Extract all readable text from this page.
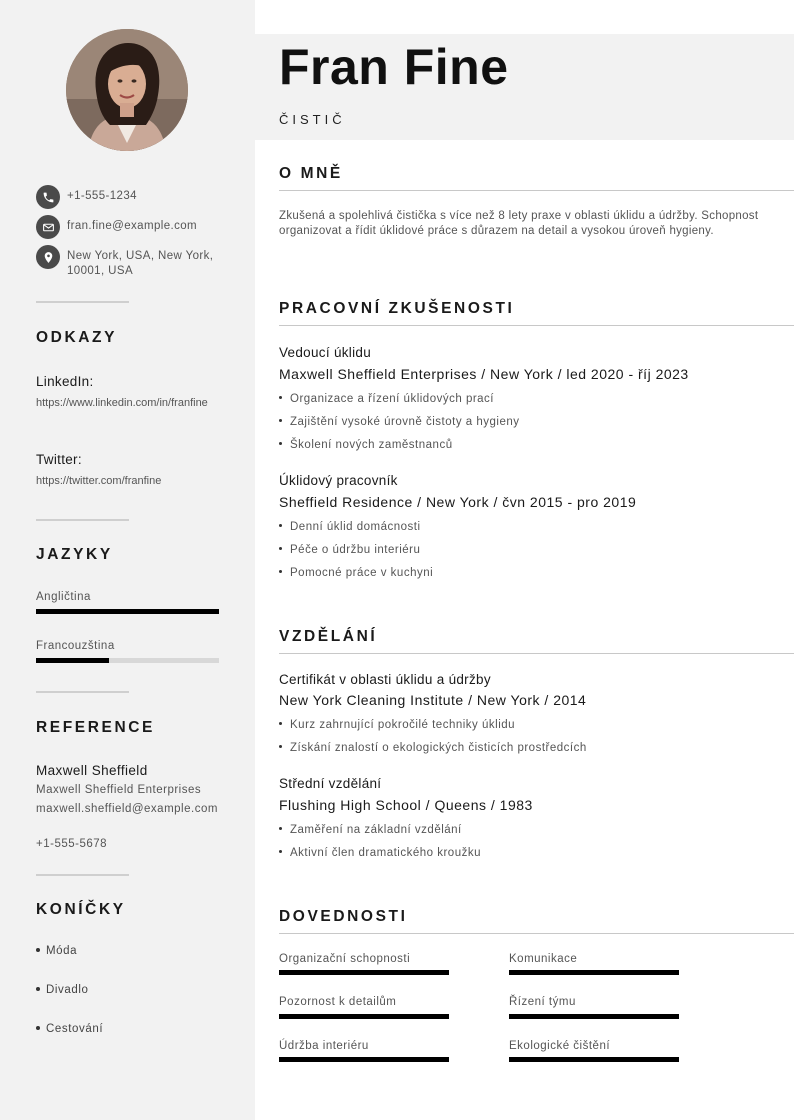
+1-555-1234
fran.fine@example.com
New York, USA, New York, 10001, USA
ODKAZY
LinkedIn:
https://www.linkedin.com/in/franfine
Twitter:
https://twitter.com/franfine
JAZYKY
Angličtina
Francouzština
REFERENCE
Maxwell Sheffield
Maxwell Sheffield Enterprises
maxwell.sheffield@example.com
+1-555-5678
KONÍČKY
Móda
Divadlo
Cestování
Fran Fine
ČISTIČ
O MNĚ
Zkušená a spolehlivá čistička s více než 8 lety praxe v oblasti úklidu a údržby. Schopnost organizovat a řídit úklidové práce s důrazem na detail a vysokou úroveň hygieny.
PRACOVNÍ ZKUŠENOSTI
Vedoucí úklidu
Maxwell Sheffield Enterprises / New York / led 2020 - říj 2023
Organizace a řízení úklidových prací
Zajištění vysoké úrovně čistoty a hygieny
Školení nových zaměstnanců
Úklidový pracovník
Sheffield Residence / New York / čvn 2015 - pro 2019
Denní úklid domácnosti
Péče o údržbu interiéru
Pomocné práce v kuchyni
VZDĚLÁNÍ
Certifikát v oblasti úklidu a údržby
New York Cleaning Institute / New York / 2014
Kurz zahrnující pokročilé techniky úklidu
Získání znalostí o ekologických čisticích prostředcích
Střední vzdělání
Flushing High School / Queens / 1983
Zaměření na základní vzdělání
Aktivní člen dramatického kroužku
DOVEDNOSTI
Organizační schopnosti	Komunikace
Pozornost k detailům	Řízení týmu
Údržba interiéru	Ekologické čištění
